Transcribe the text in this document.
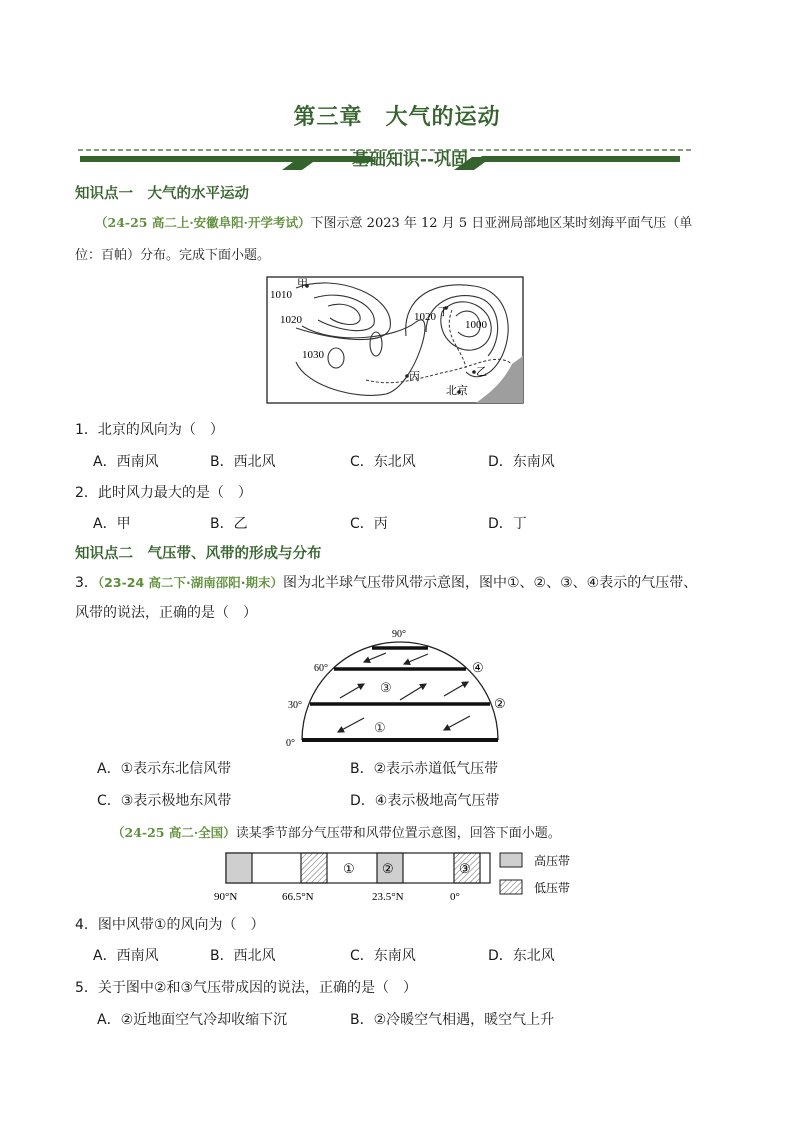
第三章　大气的运动
基础知识--巩固
知识点一　大气的水平运动
（24-25 高二上·安徽阜阳·开学考试）下图示意 2023 年 12 月 5 日亚洲局部地区某时刻海平面气压（单
位：百帕）分布。完成下面小题。
甲
1010
1020
1030
1020
1000
丁
丙	乙
北京
1．北京的风向为（　）
A．西南风	B．西北风	C．东北风	D．东南风
2．此时风力最大的是（　）
A．甲	B．乙	C．丙	D．丁
知识点二　气压带、风带的形成与分布
3．（23-24 高二下·湖南邵阳·期末）图为北半球气压带风带示意图，图中①、②、③、④表示的气压带、
风带的说法，正确的是（　）
90°
60°
30°
0°
①
②
③
④
A．①表示东北信风带	B．②表示赤道低气压带
C．③表示极地东风带	D．④表示极地高气压带
（24-25 高二·全国）读某季节部分气压带和风带位置示意图，回答下面小题。
① ②	③
90°N	66.5°N	23.5°N	0°
高压带
低压带
4．图中风带①的风向为（　）
A．西南风	B．西北风	C．东南风	D．东北风
5．关于图中②和③气压带成因的说法，正确的是（　）
A．②近地面空气冷却收缩下沉	B．②冷暖空气相遇，暖空气上升
